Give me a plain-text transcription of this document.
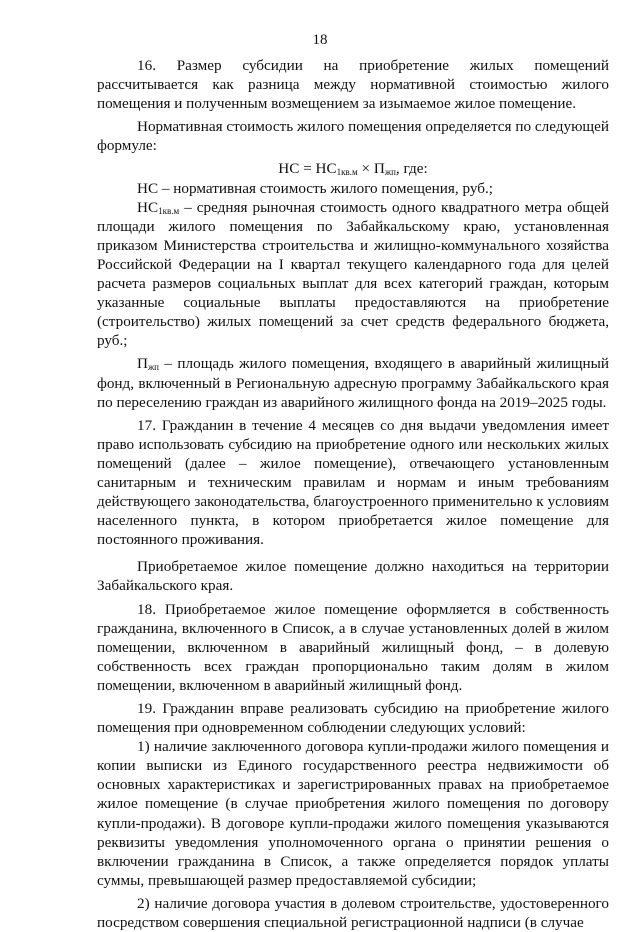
18

16. Размер субсидии на приобретение жилых помещений рассчитывается как разница между нормативной стоимостью жилого помещения и полученным возмещением за изымаемое жилое помещение.

Нормативная стоимость жилого помещения определяется по следующей формуле:

НС = $НС_{1кв.м} \times П_{жп}$, где:

НС – нормативная стоимость жилого помещения, руб.;

$НС_{1кв.м}$ – средняя рыночная стоимость одного квадратного метра общей площади жилого помещения по Забайкальскому краю, установленная приказом Министерства строительства и жилищно-коммунального хозяйства Российской Федерации на I квартал текущего календарного года для целей расчета размеров социальных выплат для всех категорий граждан, которым указанные социальные выплаты предоставляются на приобретение (строительство) жилых помещений за счет средств федерального бюджета, руб.;

$П_{жп}$ – площадь жилого помещения, входящего в аварийный жилищный фонд, включенный в Региональную адресную программу Забайкальского края по переселению граждан из аварийного жилищного фонда на 2019–2025 годы.

17. Гражданин в течение 4 месяцев со дня выдачи уведомления имеет право использовать субсидию на приобретение одного или нескольких жилых помещений (далее – жилое помещение), отвечающего установленным санитарным и техническим правилам и нормам и иным требованиям действующего законодательства, благоустроенного применительно к условиям населенного пункта, в котором приобретается жилое помещение для постоянного проживания.

Приобретаемое жилое помещение должно находиться на территории Забайкальского края.

18. Приобретаемое жилое помещение оформляется в собственность гражданина, включенного в Список, а в случае установленных долей в жилом помещении, включенном в аварийный жилищный фонд, – в долевую собственность всех граждан пропорционально таким долям в жилом помещении, включенном в аварийный жилищный фонд.

19. Гражданин вправе реализовать субсидию на приобретение жилого помещения при одновременном соблюдении следующих условий:

1) наличие заключенного договора купли-продажи жилого помещения и копии выписки из Единого государственного реестра недвижимости об основных характеристиках и зарегистрированных правах на приобретаемое жилое помещение (в случае приобретения жилого помещения по договору купли-продажи). В договоре купли-продажи жилого помещения указываются реквизиты уведомления уполномоченного органа о принятии решения о включении гражданина в Список, а также определяется порядок уплаты суммы, превышающей размер предоставляемой субсидии;

2) наличие договора участия в долевом строительстве, удостоверенного посредством совершения специальной регистрационной надписи (в случае
